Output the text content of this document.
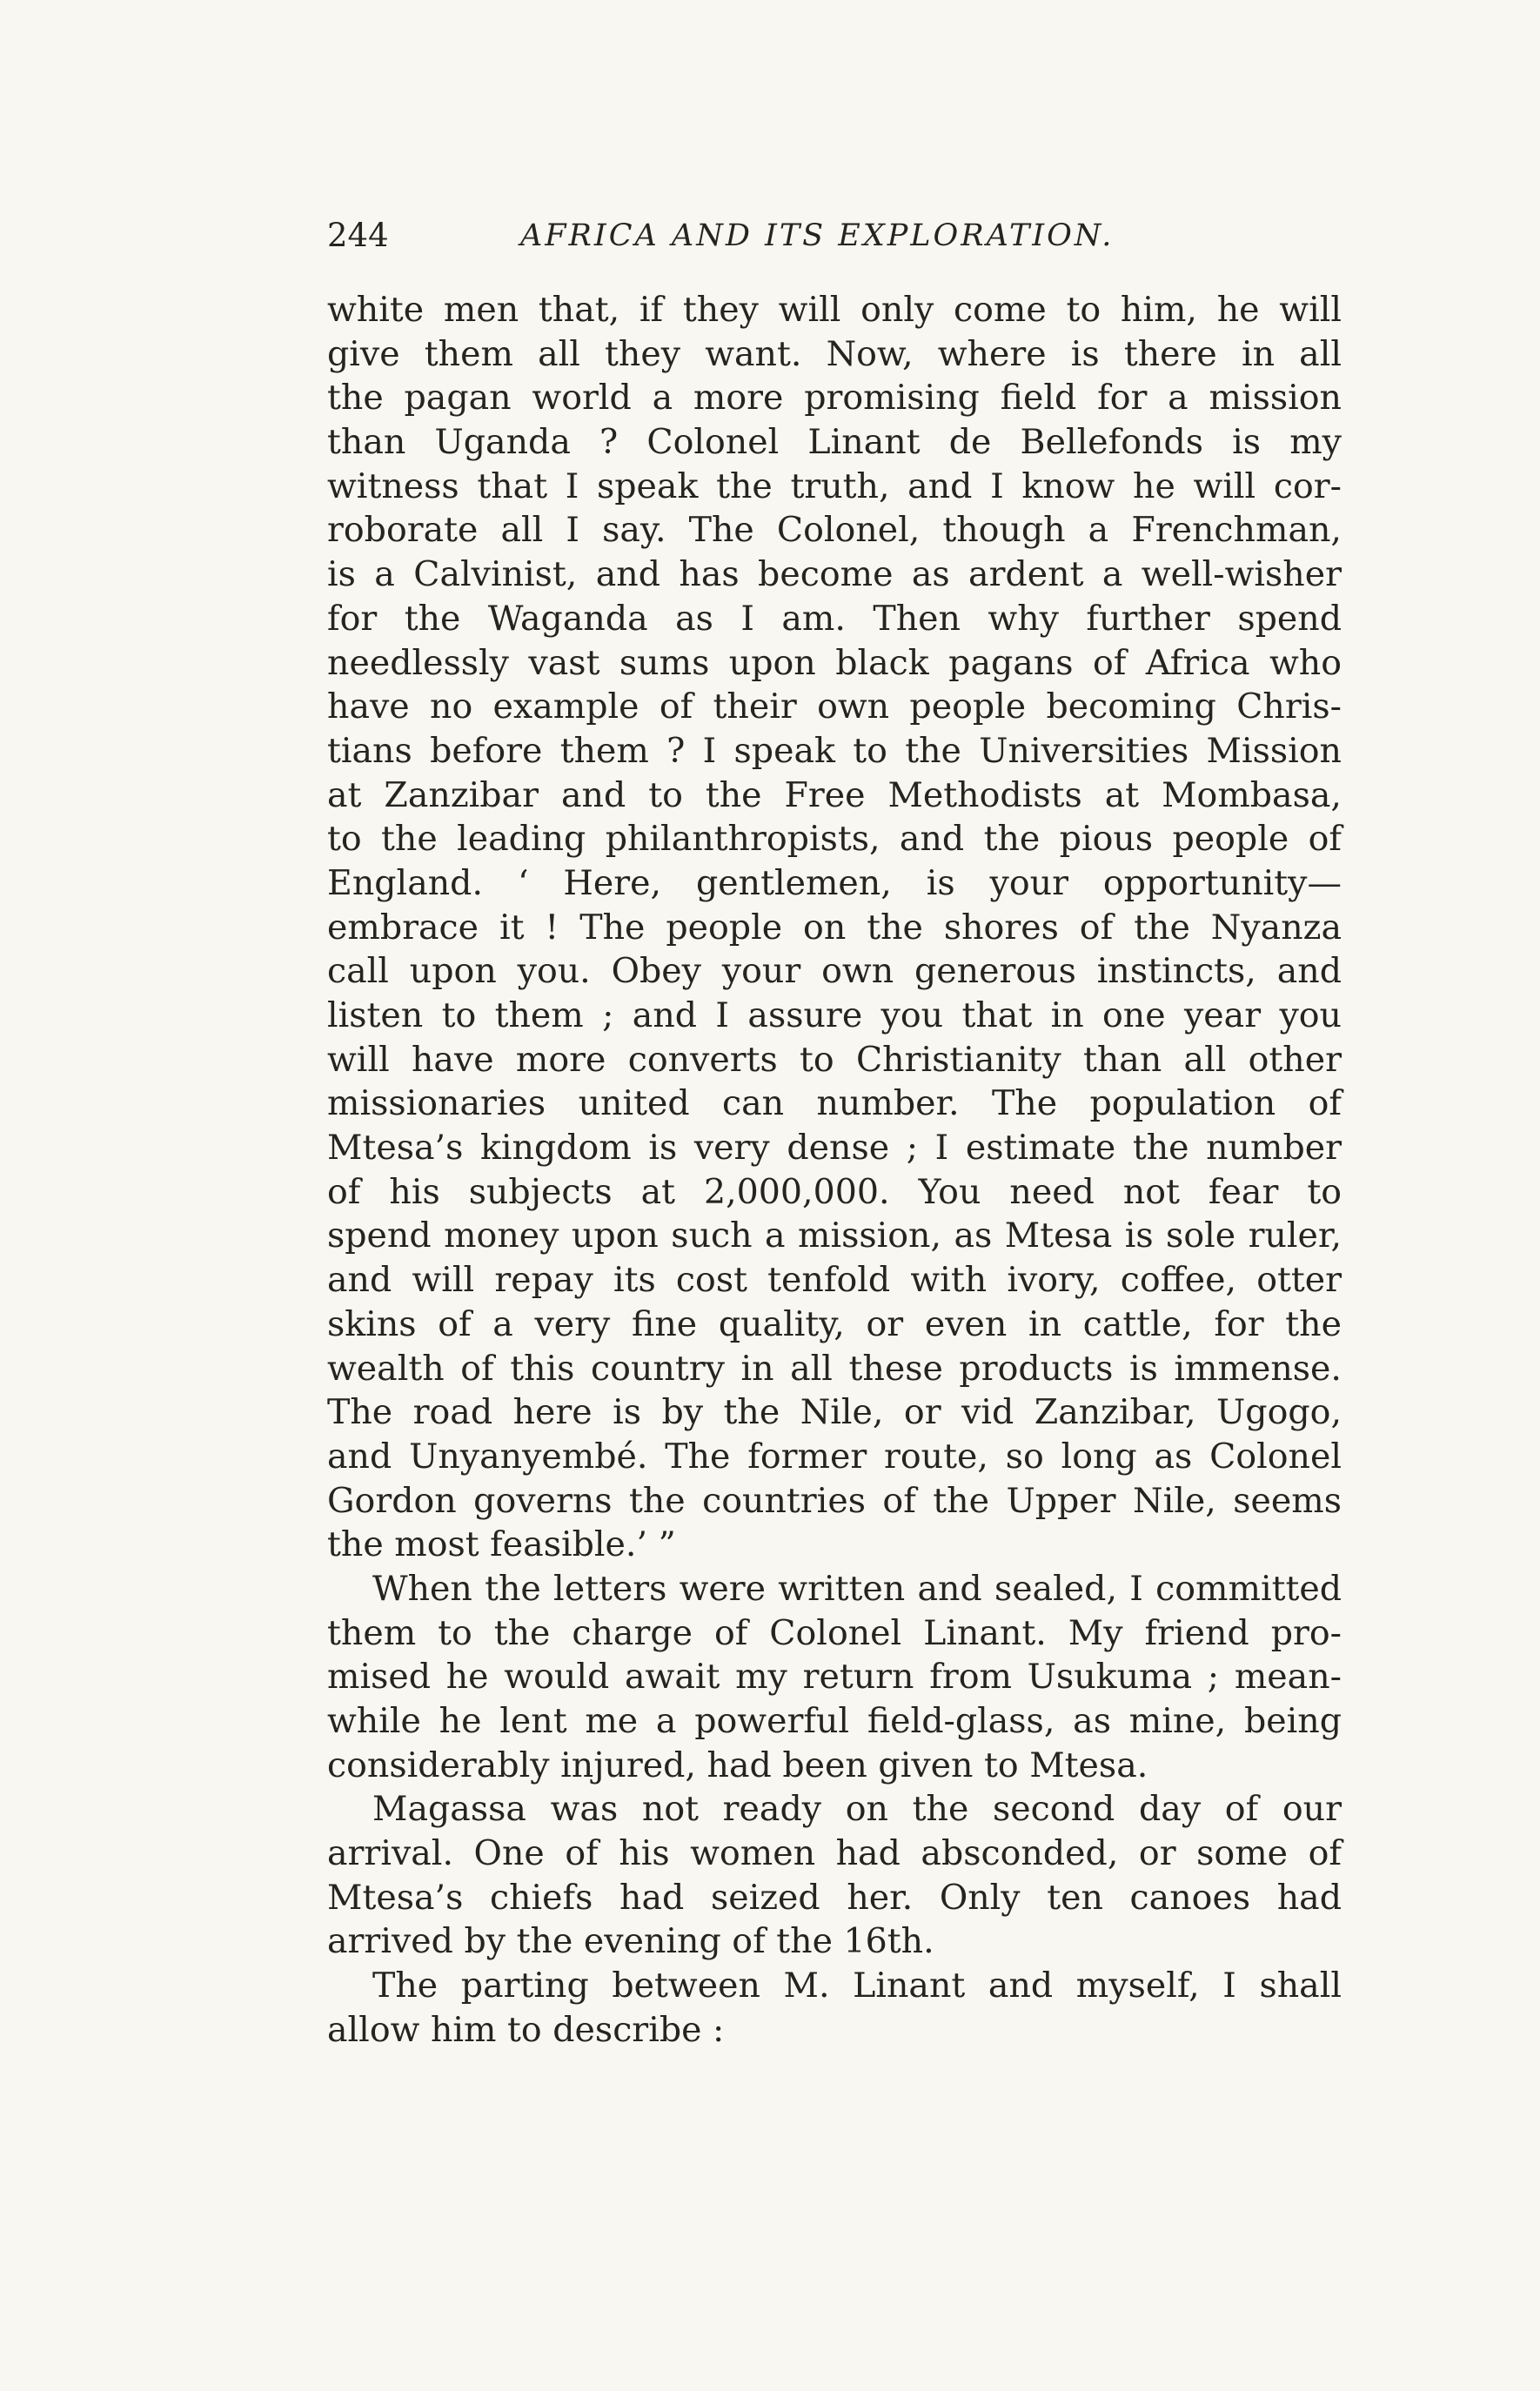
244	AFRICA AND ITS EXPLORATION.
white men that, if they will only come to him, he will
give them all they want. Now, where is there in all
the pagan world a more promising field for a mission
than Uganda ? Colonel Linant de Bellefonds is my
witness that I speak the truth, and I know he will cor-
roborate all I say. The Colonel, though a Frenchman,
is a Calvinist, and has become as ardent a well-wisher
for the Waganda as I am. Then why further spend
needlessly vast sums upon black pagans of Africa who
have no example of their own people becoming Chris-
tians before them ? I speak to the Universities Mission
at Zanzibar and to the Free Methodists at Mombasa,
to the leading philanthropists, and the pious people of
England. ‘ Here, gentlemen, is your opportunity—
embrace it ! The people on the shores of the Nyanza
call upon you. Obey your own generous instincts, and
listen to them ; and I assure you that in one year you
will have more converts to Christianity than all other
missionaries united can number. The population of
Mtesa’s kingdom is very dense ; I estimate the number
of his subjects at 2,000,000. You need not fear to
spend money upon such a mission, as Mtesa is sole ruler,
and will repay its cost tenfold with ivory, coffee, otter
skins of a very fine quality, or even in cattle, for the
wealth of this country in all these products is immense.
The road here is by the Nile, or vid Zanzibar, Ugogo,
and Unyanyembé. The former route, so long as Colonel
Gordon governs the countries of the Upper Nile, seems
the most feasible.’ ”
When the letters were written and sealed, I committed
them to the charge of Colonel Linant. My friend pro-
mised he would await my return from Usukuma ; mean-
while he lent me a powerful field-glass, as mine, being
considerably injured, had been given to Mtesa.
Magassa was not ready on the second day of our
arrival. One of his women had absconded, or some of
Mtesa’s chiefs had seized her. Only ten canoes had
arrived by the evening of the 16th.
The parting between M. Linant and myself, I shall
allow him to describe :
